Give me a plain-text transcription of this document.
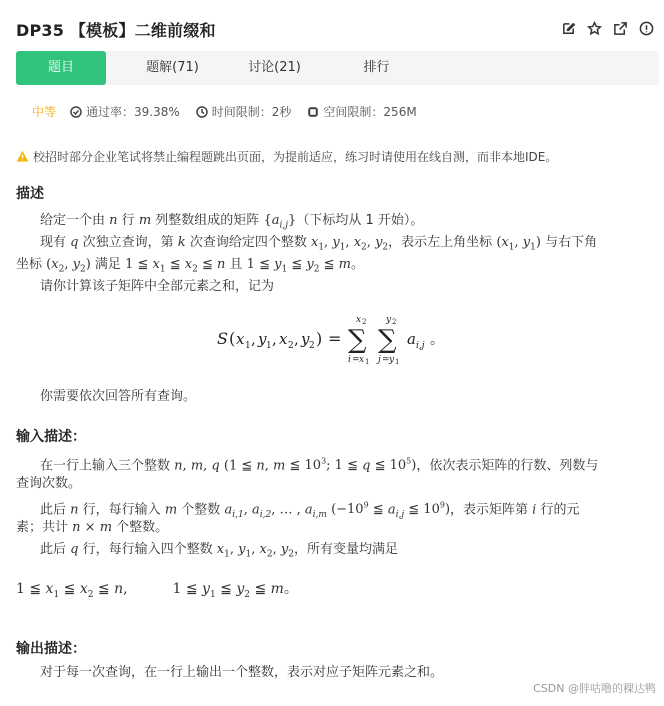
DP35 【模板】二维前缀和
题目	题解(71)	讨论(21)	排行
中等	通过率：39.38%	时间限制：2秒	空间限制：256M
校招时部分企业笔试将禁止编程题跳出页面，为提前适应，练习时请使用在线自测，而非本地IDE。
描述

给定一个由 n 行 m 列整数组成的矩阵 $\{a_{i,j}\}$（下标均从 1 开始）。

现有 q 次独立查询，第 k 次查询给定四个整数 $x_1$, $y_1$, $x_2$, $y_2$，表示左上角坐标 ($x_1$, $y_1$) 与右下角

坐标 ($x_2$, $y_2$) 满足 1 ≦ $x_1$ ≦ $x_2$ ≦ n 且 1 ≦ $y_1$ ≦ $y_2$ ≦ m。

请你计算该子矩阵中全部元素之和，记为

S ( x 1 , y 1 , x 2 , y 2 ) =
x 2
∑
i = x 1
y 2
∑
j = y 1
a i,j 。

你需要依次回答所有查询。

输入描述：

在一行上输入三个整数 n, m, q (1 ≦ n, m ≦ $10^3$; 1 ≦ q ≦ $10^5$)，依次表示矩阵的行数、列数与

查询次数。

此后 n 行，每行输入 m 个整数 $a_{i,1}$, $a_{i,2}$, … , $a_{i,m}$ ($-10^9$ ≦ $a_{i,j}$ ≦ $10^9$)，表示矩阵第 i 行的元

素；共计 n × m 个整数。

此后 q 行，每行输入四个整数 $x_1$, $y_1$, $x_2$, $y_2$，所有变量均满足

1 ≦ $x_1$ ≦ $x_2$ ≦ n,	1 ≦ $y_1$ ≦ $y_2$ ≦ m。

输出描述：

对于每一次查询，在一行上输出一个整数，表示对应子矩阵元素之和。

CSDN @胖咕噜的稞达鸭
